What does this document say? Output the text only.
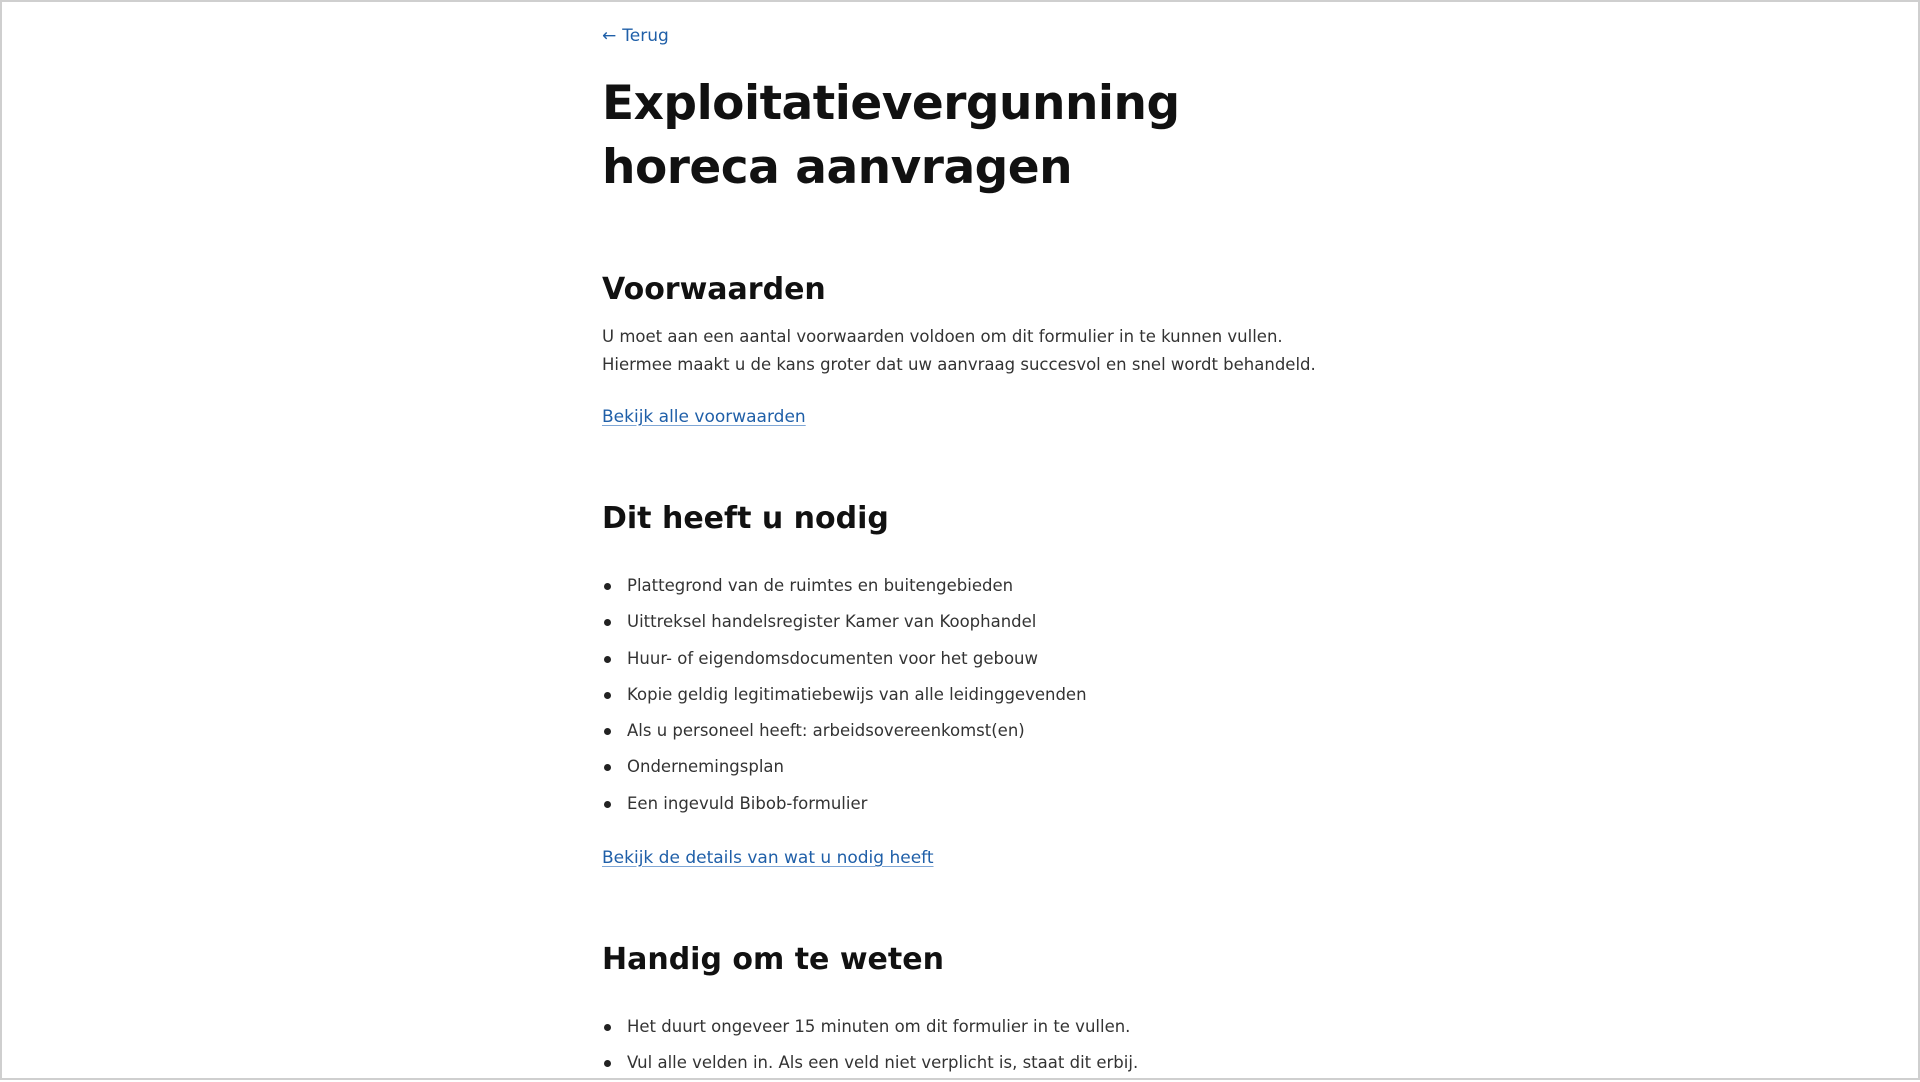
← Terug
Exploitatievergunning horeca aanvragen
Voorwaarden

U moet aan een aantal voorwaarden voldoen om dit formulier in te kunnen vullen.
Hiermee maakt u de kans groter dat uw aanvraag succesvol en snel wordt behandeld.

Bekijk alle voorwaarden
Dit heeft u nodig
Plattegrond van de ruimtes en buitengebieden
Uittreksel handelsregister Kamer van Koophandel
Huur- of eigendomsdocumenten voor het gebouw
Kopie geldig legitimatiebewijs van alle leidinggevenden
Als u personeel heeft: arbeidsovereenkomst(en)
Ondernemingsplan
Een ingevuld Bibob-formulier
Bekijk de details van wat u nodig heeft
Handig om te weten
Het duurt ongeveer 15 minuten om dit formulier in te vullen.
Vul alle velden in. Als een veld niet verplicht is, staat dit erbij.
